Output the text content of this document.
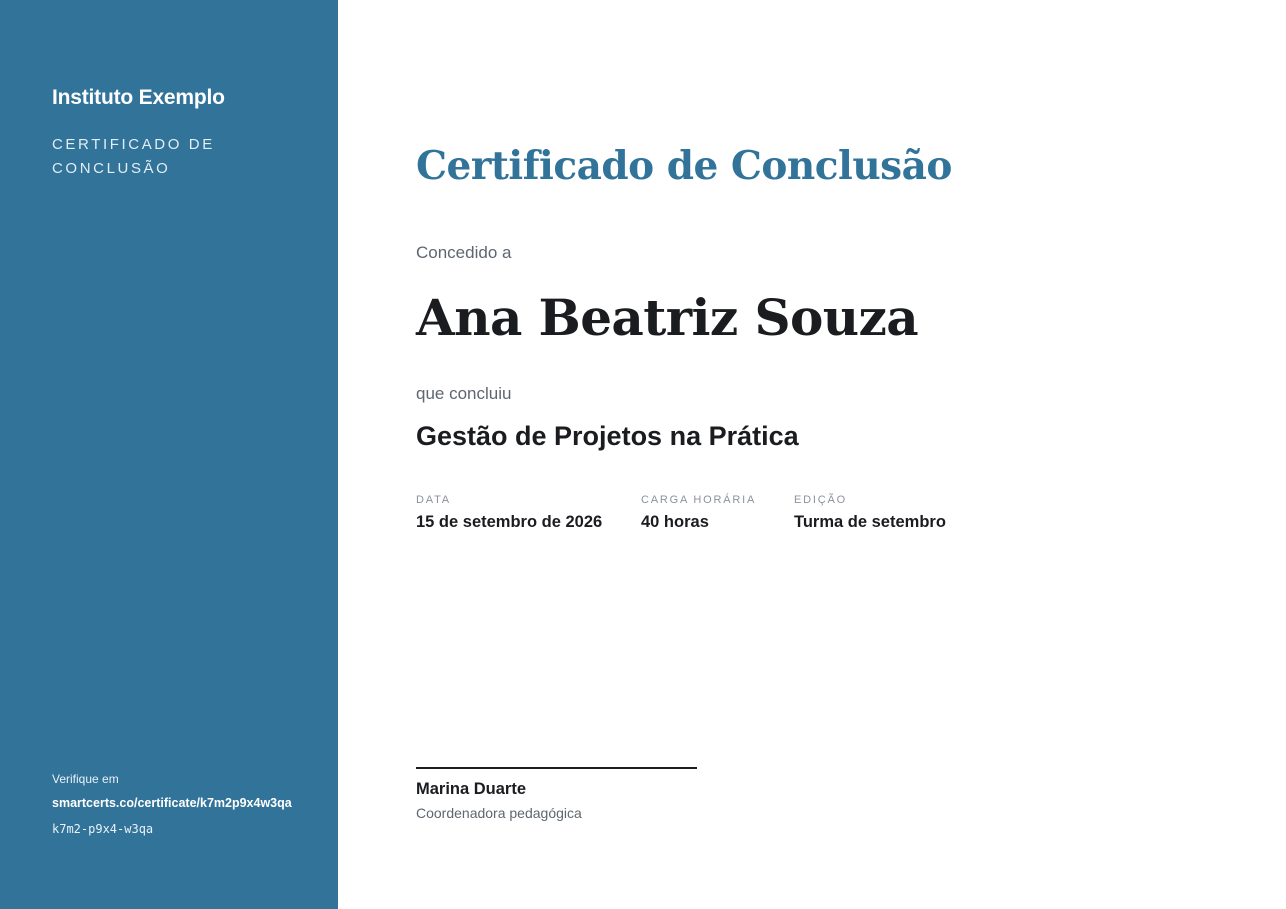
Instituto Exemplo
CERTIFICADO DE CONCLUSÃO
Verifique em
smartcerts.co/certificate/k7m2p9x4w3qa
k7m2-p9x4-w3qa
Certificado de Conclusão
Concedido a
Ana Beatriz Souza
que concluiu
Gestão de Projetos na Prática
DATA
15 de setembro de 2026
CARGA HORÁRIA
40 horas
EDIÇÃO
Turma de setembro
Marina Duarte
Coordenadora pedagógica
